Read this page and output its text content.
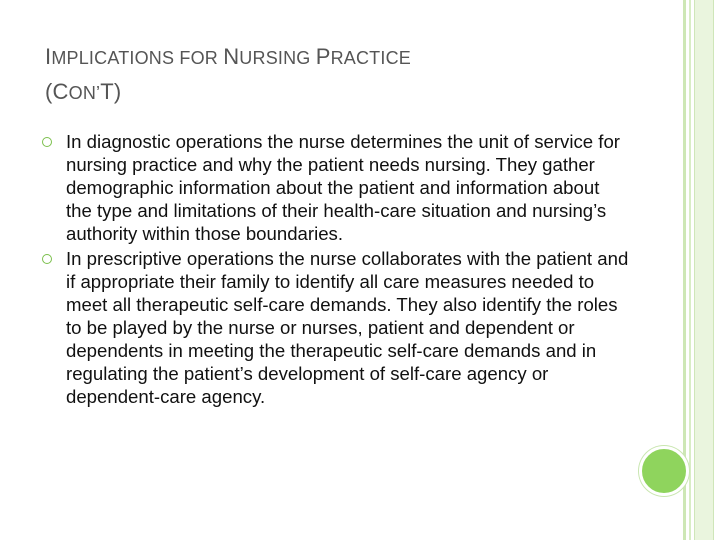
IMPLICATIONS FOR NURSING PRACTICE
(CON’T)
In diagnostic operations the nurse determines the unit of service for nursing practice and why the patient needs nursing. They gather demographic information about the patient and information about the type and limitations of their health-care situation and nursing’s authority within those boundaries.
In prescriptive operations the nurse collaborates with the patient and if appropriate their family to identify all care measures needed to meet all therapeutic self-care demands. They also identify the roles to be played by the nurse or nurses, patient and dependent or dependents in meeting the therapeutic self-care demands and in regulating the patient’s development of self-care agency or dependent-care agency.
